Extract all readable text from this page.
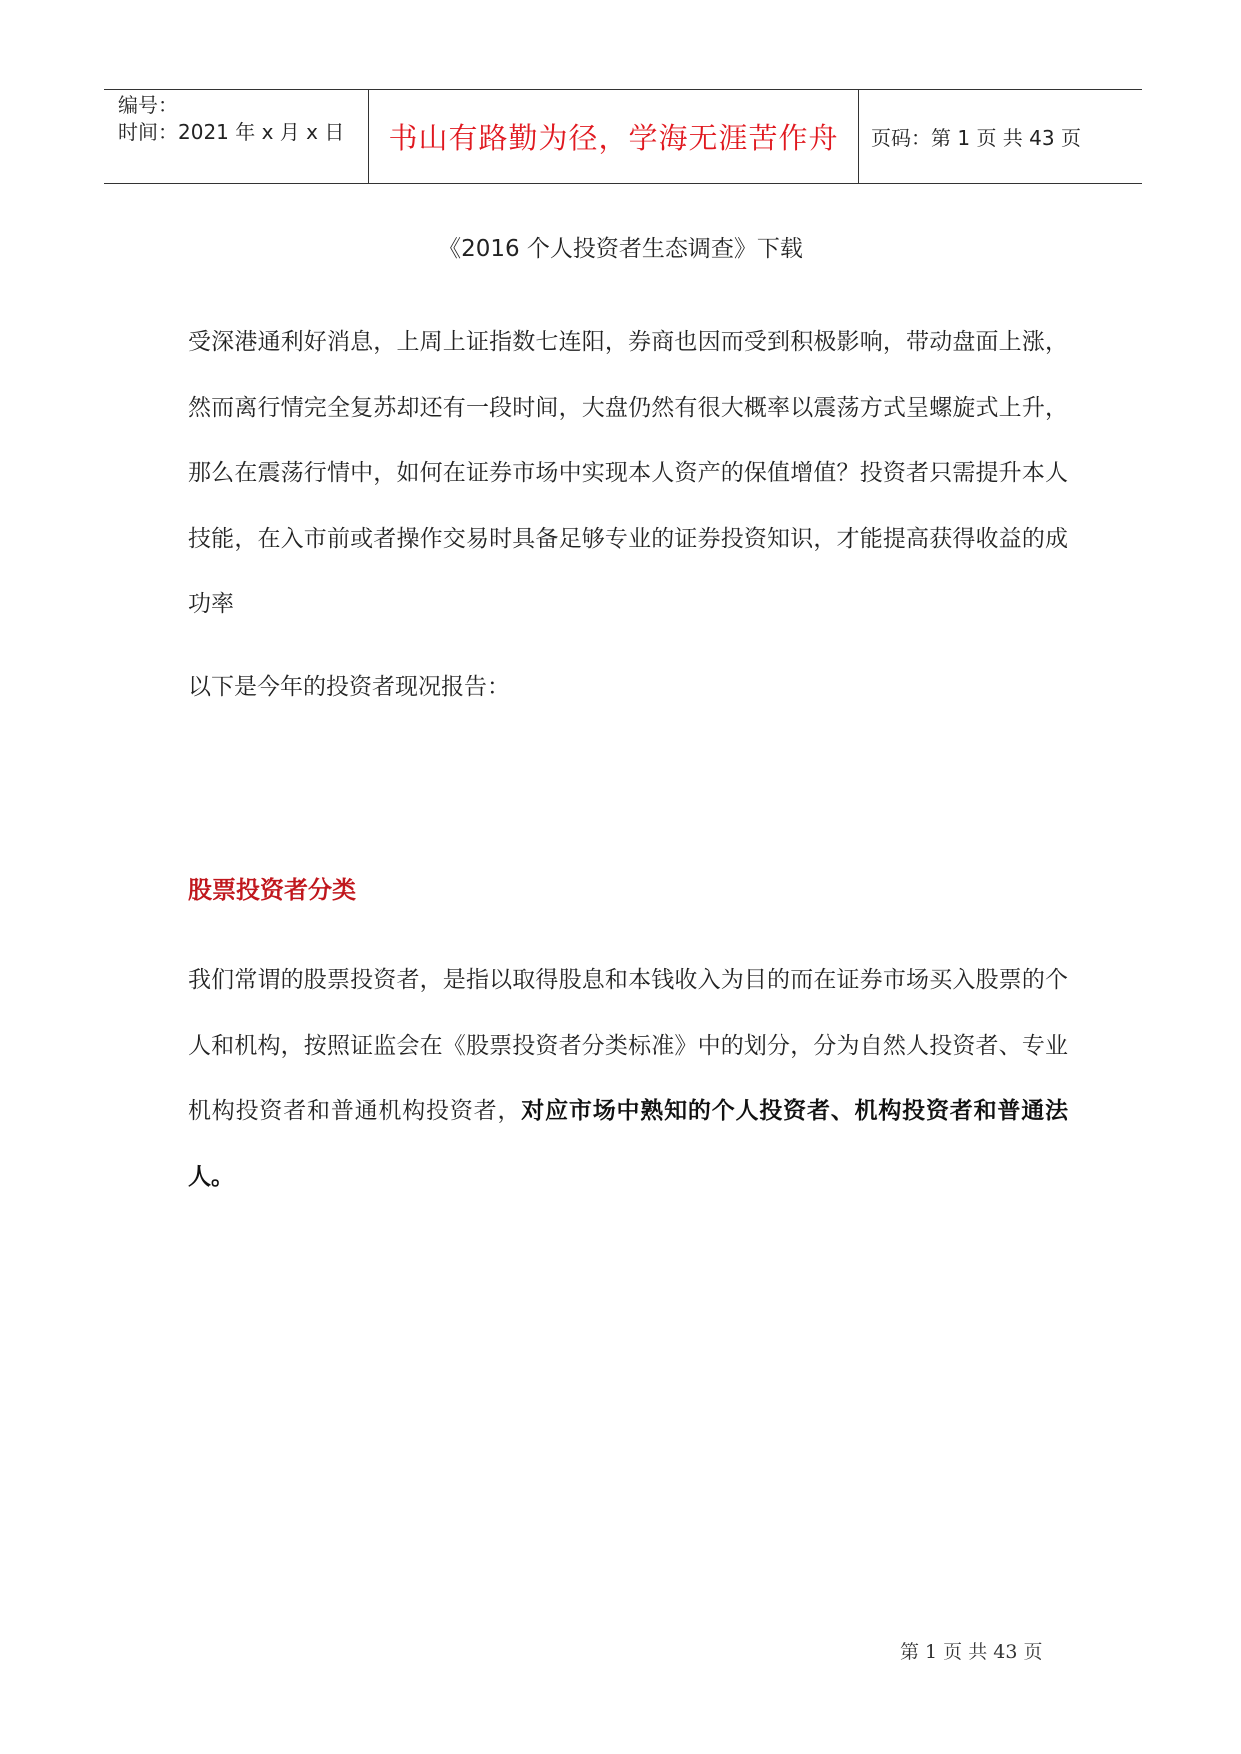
编号：
时间：2021 年 x 月 x 日 书山有路勤为径，学海无涯苦作舟 页码：第 1 页 共 43 页
《2016 个人投资者生态调查》下载
受深港通利好消息，上周上证指数七连阳，券商也因而受到积极影响，带动盘面上涨，然而离行情完全复苏却还有一段时间，大盘仍然有很大概率以震荡方式呈螺旋式上升，那么在震荡行情中，如何在证券市场中实现本人资产的保值增值？投资者只需提升本人技能，在入市前或者操作交易时具备足够专业的证券投资知识，才能提高获得收益的成功率
以下是今年的投资者现况报告：
股票投资者分类
我们常谓的股票投资者，是指以取得股息和本钱收入为目的而在证券市场买入股票的个人和机构，按照证监会在《股票投资者分类标准》中的划分，分为自然人投资者、专业机构投资者和普通机构投资者，对应市场中熟知的个人投资者、机构投资者和普通法人。
第 1 页 共 43 页
